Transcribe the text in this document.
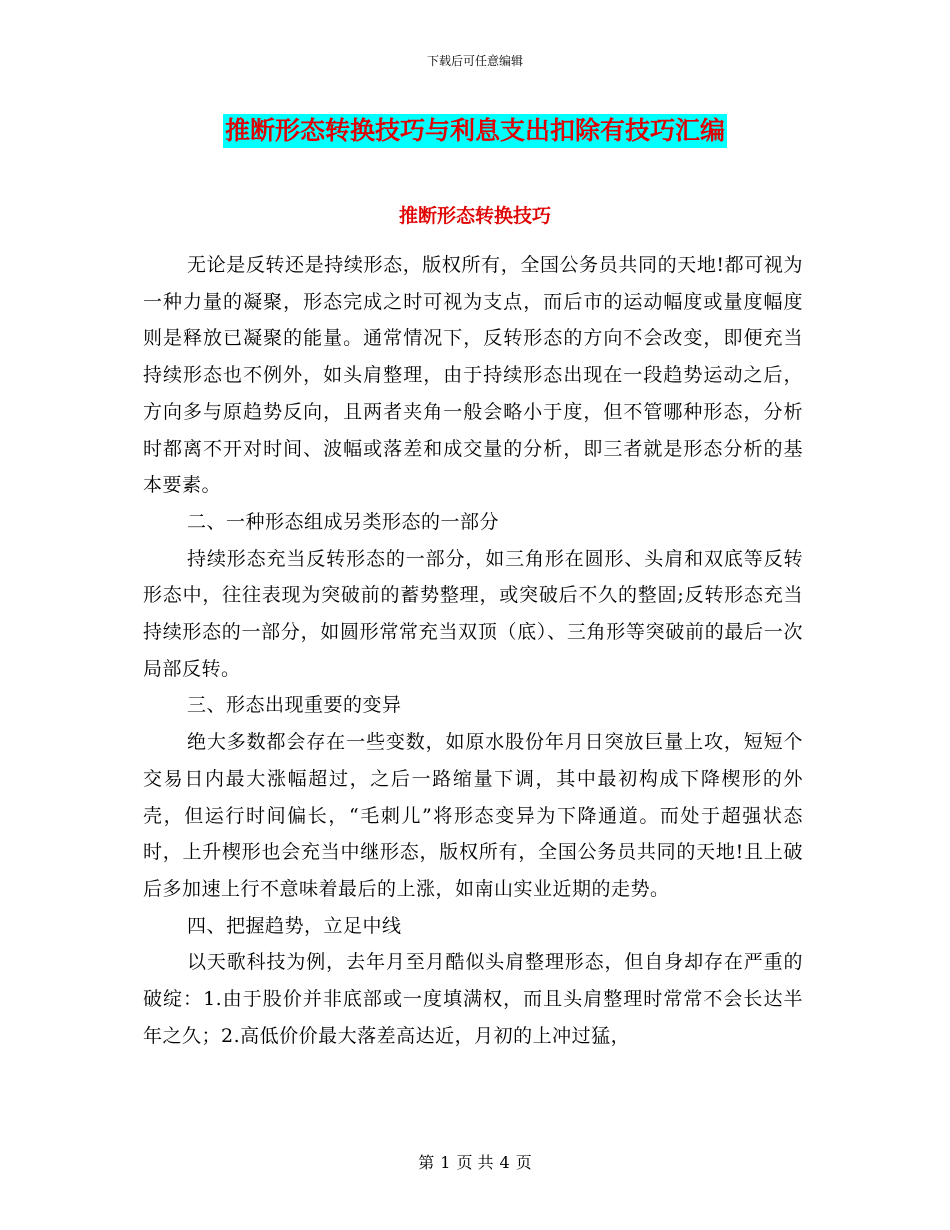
下载后可任意编辑
推断形态转换技巧与利息支出扣除有技巧汇编
推断形态转换技巧

无论是反转还是持续形态，版权所有，全国公务员共同的天地!都可视为一种力量的凝聚，形态完成之时可视为支点，而后市的运动幅度或量度幅度则是释放已凝聚的能量。通常情况下，反转形态的方向不会改变，即便充当持续形态也不例外，如头肩整理，由于持续形态出现在一段趋势运动之后，方向多与原趋势反向，且两者夹角一般会略小于度，但不管哪种形态，分析时都离不开对时间、波幅或落差和成交量的分析，即三者就是形态分析的基本要素。

二、一种形态组成另类形态的一部分

持续形态充当反转形态的一部分，如三角形在圆形、头肩和双底等反转形态中，往往表现为突破前的蓄势整理，或突破后不久的整固;反转形态充当持续形态的一部分，如圆形常常充当双顶（底）、三角形等突破前的最后一次局部反转。

三、形态出现重要的变异

绝大多数都会存在一些变数，如原水股份年月日突放巨量上攻，短短个交易日内最大涨幅超过，之后一路缩量下调，其中最初构成下降楔形的外壳，但运行时间偏长，“毛刺儿”将形态变异为下降通道。而处于超强状态时，上升楔形也会充当中继形态，版权所有，全国公务员共同的天地!且上破后多加速上行不意味着最后的上涨，如南山实业近期的走势。

四、把握趋势，立足中线

以天歌科技为例，去年月至月酷似头肩整理形态，但自身却存在严重的破绽：1.由于股价并非底部或一度填满权，而且头肩整理时常常不会长达半年之久；2.高低价价最大落差高达近，月初的上冲过猛，

第 1 页 共 4 页
